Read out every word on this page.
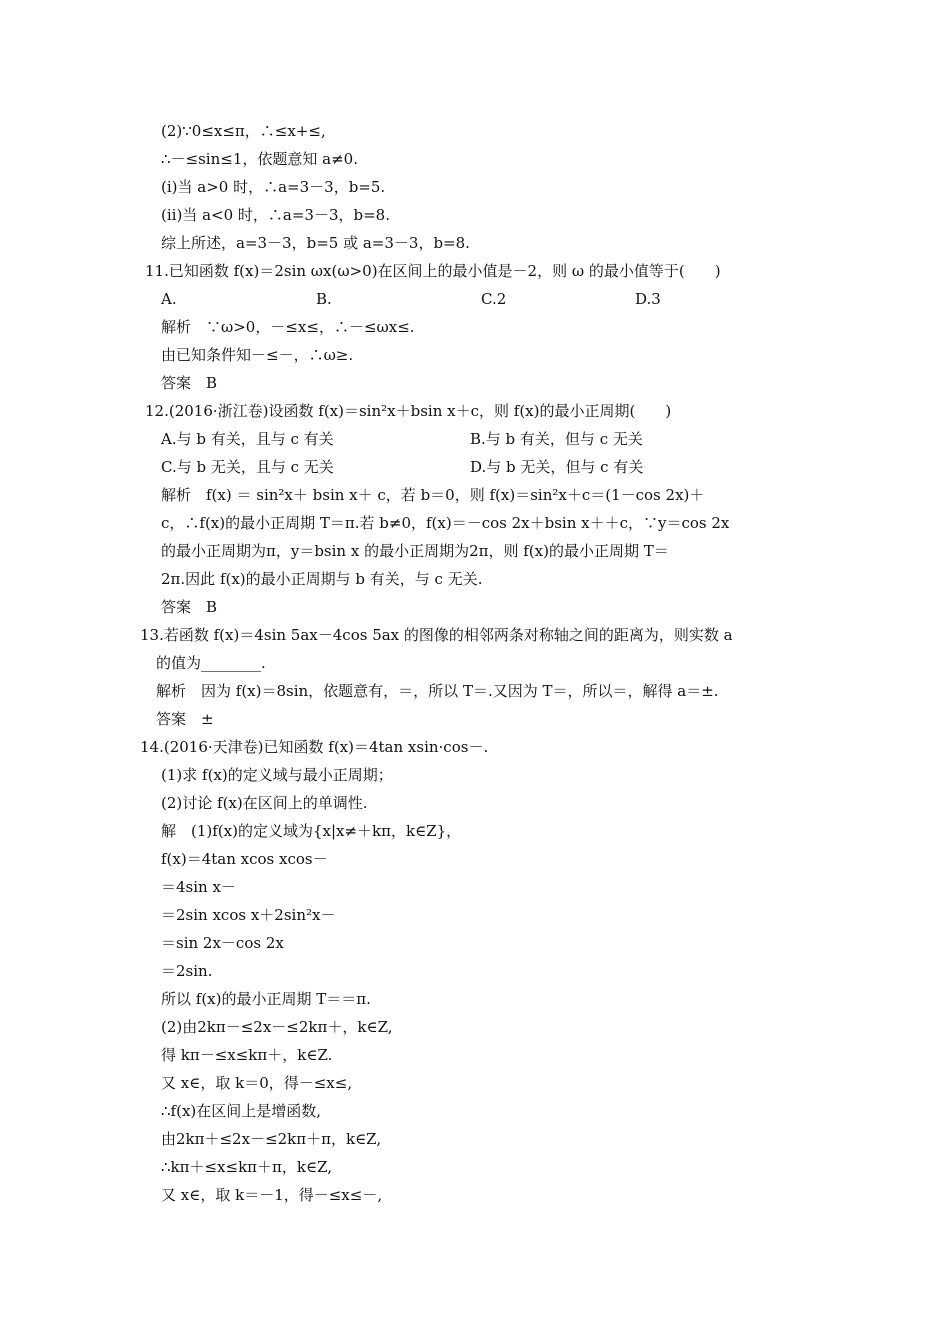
(2)∵0≤x≤π，∴≤x+≤,
∴－≤sin≤1，依题意知 a≠0.
(ⅰ)当 a>0 时，∴a=3－3，b=5.
(ⅱ)当 a<0 时，∴a=3－3，b=8.
综上所述，a=3－3，b=5 或 a=3－3，b=8.
11.已知函数 f(x)＝2sin ωx(ω>0)在区间上的最小值是－2，则 ω 的最小值等于(　　)
A.	B.	C.2	D.3
解析　∵ω>0，－≤x≤，∴－≤ωx≤.
由已知条件知－≤－，∴ω≥.
答案　B
12.(2016·浙江卷)设函数 f(x)＝sin²x＋bsin x＋c，则 f(x)的最小正周期(　　)
A.与 b 有关，且与 c 有关	B.与 b 有关，但与 c 无关
C.与 b 无关，且与 c 无关	D.与 b 无关，但与 c 有关
解析　f(x) ＝ sin²x＋ bsin x＋ c，若 b＝0，则 f(x)＝sin²x＋c＝(1－cos 2x)＋
c，∴f(x)的最小正周期 T＝π.若 b≠0，f(x)＝－cos 2x＋bsin x＋＋c，∵y＝cos 2x
的最小正周期为π，y＝bsin x 的最小正周期为2π，则 f(x)的最小正周期 T＝
2π.因此 f(x)的最小正周期与 b 有关，与 c 无关.
答案　B
13.若函数 f(x)＝4sin 5ax－4cos 5ax 的图像的相邻两条对称轴之间的距离为，则实数 a
的值为________.
解析　因为 f(x)＝8sin，依题意有，＝，所以 T＝.又因为 T＝，所以＝，解得 a＝±.
答案　±
14.(2016·天津卷)已知函数 f(x)＝4tan xsin·cos－.
(1)求 f(x)的定义域与最小正周期；
(2)讨论 f(x)在区间上的单调性.
解　(1)f(x)的定义域为{x|x≠＋kπ，k∈Z}，
f(x)＝4tan xcos xcos－
＝4sin x－
＝2sin xcos x＋2sin²x－
＝sin 2x－cos 2x
＝2sin.
所以 f(x)的最小正周期 T＝＝π.
(2)由2kπ－≤2x－≤2kπ＋，k∈Z,
得 kπ－≤x≤kπ＋，k∈Z.
又 x∈，取 k＝0，得－≤x≤,
∴f(x)在区间上是增函数,
由2kπ＋≤2x－≤2kπ＋π，k∈Z,
∴kπ＋≤x≤kπ＋π，k∈Z,
又 x∈，取 k＝－1，得－≤x≤－,
